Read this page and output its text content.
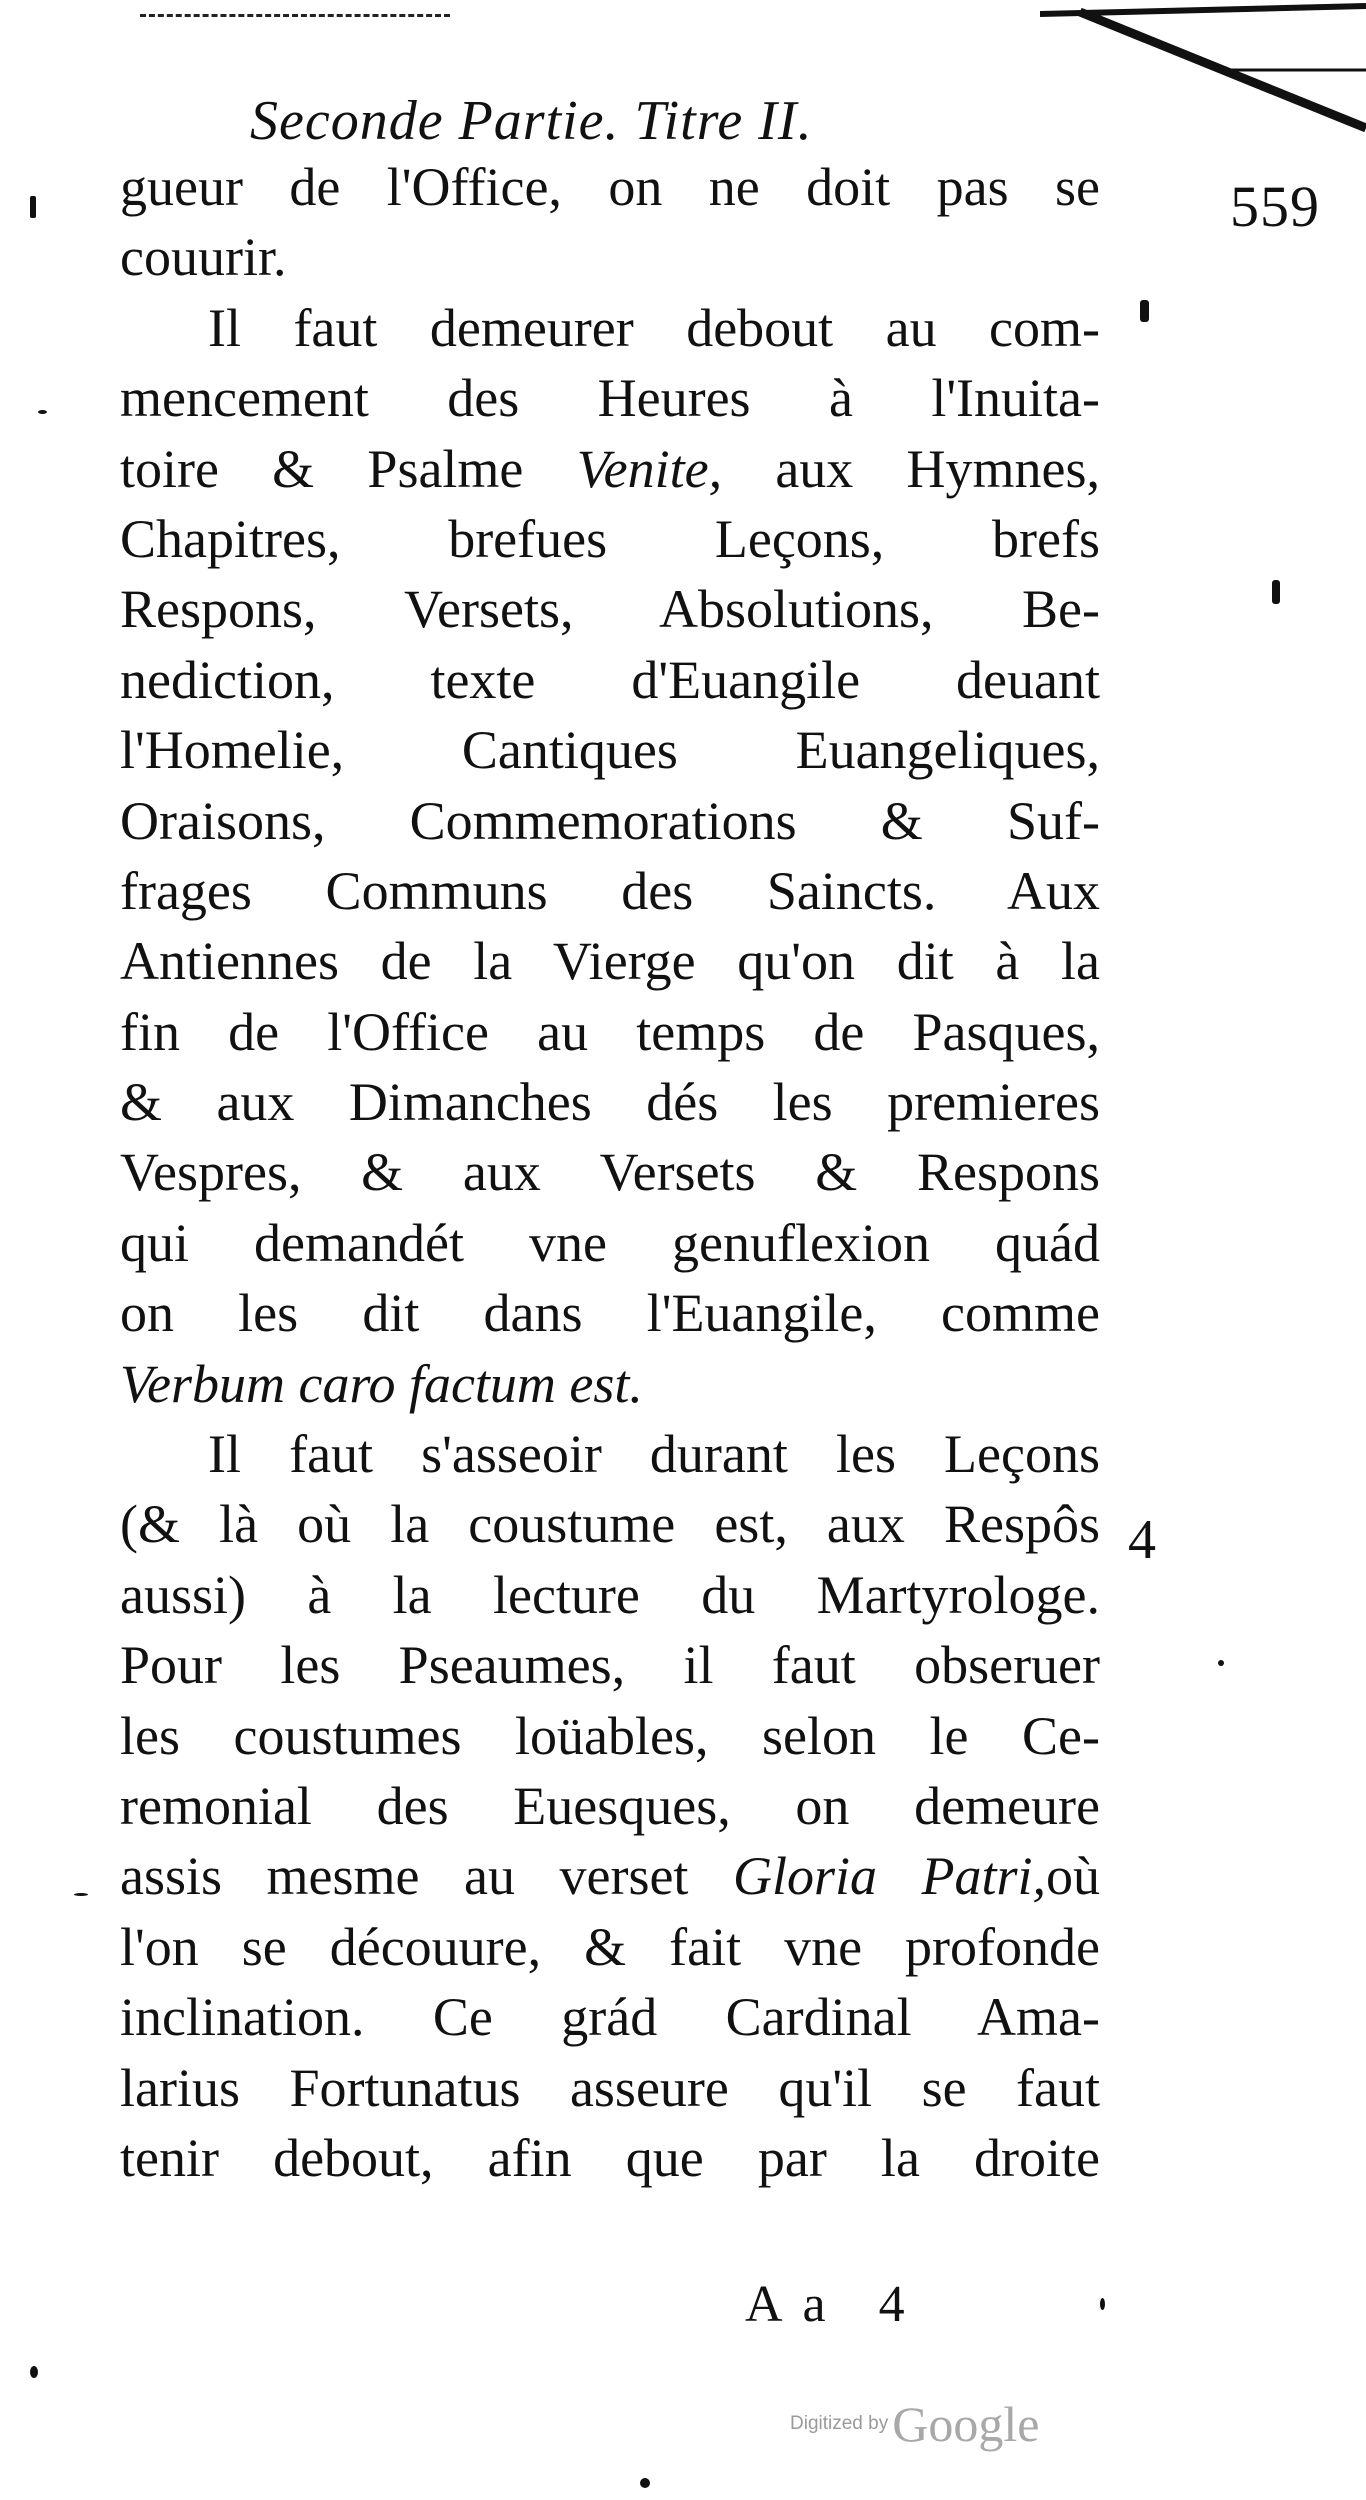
Seconde Partie. Titre II.
559
gueur de l'Office, on ne doit pas se
couurir.
Il faut demeurer debout au com-
mencement des Heures à l'Inuita-
toire & Psalme Venite, aux Hymnes,
Chapitres, brefues Leçons, brefs
Respons, Versets, Absolutions, Be-
nediction, texte d'Euangile deuant
l'Homelie, Cantiques Euangeliques,
Oraisons, Commemorations & Suf-
frages Communs des Saincts. Aux
Antiennes de la Vierge qu'on dit à la
fin de l'Office au temps de Pasques,
& aux Dimanches dés les premieres
Vespres, & aux Versets & Respons
qui demandét vne genuflexion quád
on les dit dans l'Euangile, comme
Verbum caro factum est.
Il faut s'asseoir durant les Leçons
(& là où la coustume est, aux Respôs
aussi) à la lecture du Martyrologe.
Pour les Pseaumes, il faut obseruer
les coustumes loüables, selon le Ce-
remonial des Euesques, on demeure
assis mesme au verset Gloria Patri,où
l'on se découure, & fait vne profonde
inclination. Ce grád Cardinal Ama-
larius Fortunatus asseure qu'il se faut
tenir debout, afin que par la droite
4
Aa 4
Digitized by Google
